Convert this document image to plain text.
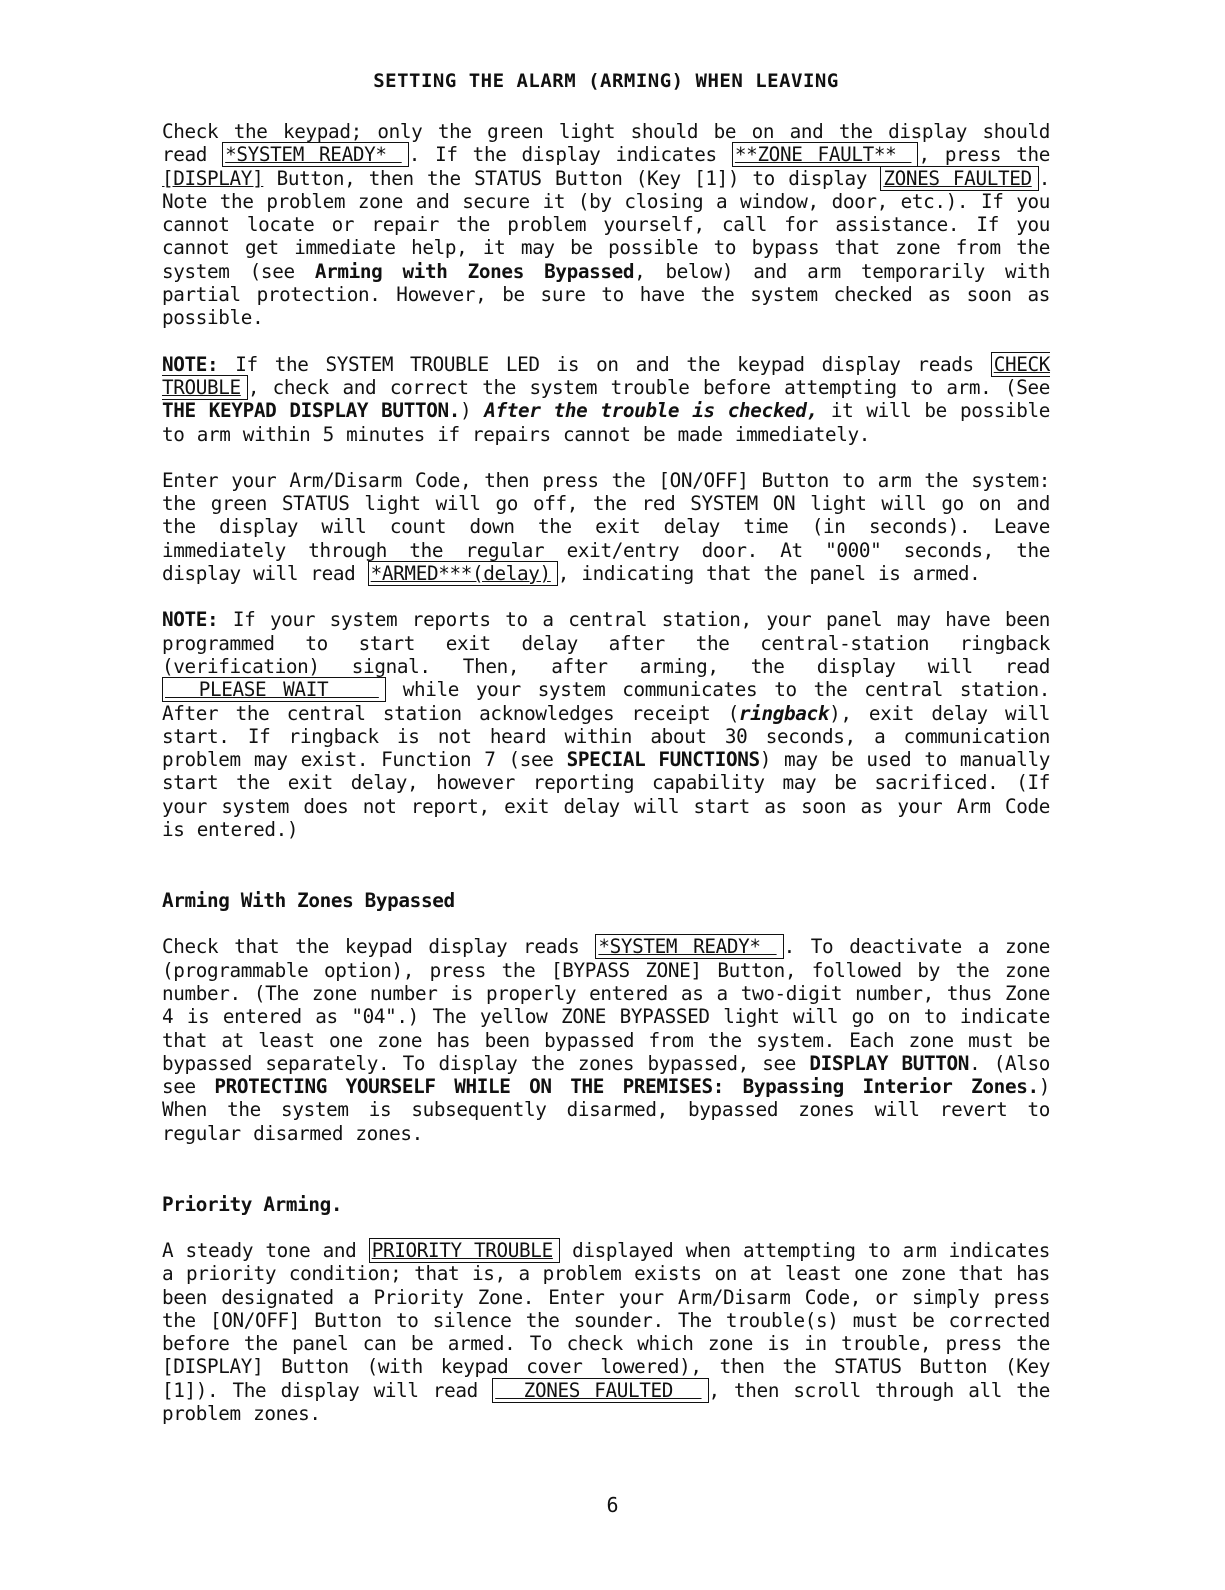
SETTING THE ALARM (ARMING) WHEN LEAVING

Check the keypad; only the green light should be on and the display should read *SYSTEM READY* . If the display indicates **ZONE FAULT** , press the [DISPLAY] Button, then the STATUS Button (Key [1]) to display ZONES FAULTED . Note the problem zone and secure it (by closing a window, door, etc.). If you cannot locate or repair the problem yourself, call for assistance. If you cannot get immediate help, it may be possible to bypass that zone from the system (see Arming with Zones Bypassed, below) and arm temporarily with partial protection. However, be sure to have the system checked as soon as possible.

NOTE: If the SYSTEM TROUBLE LED is on and the keypad display reads CHECK TROUBLE , check and correct the system trouble before attempting to arm. (See THE KEYPAD DISPLAY BUTTON.) After the trouble is checked, it will be possible to arm within 5 minutes if repairs cannot be made immediately.

Enter your Arm/Disarm Code, then press the [ON/OFF] Button to arm the system: the green STATUS light will go off, the red SYSTEM ON light will go on and the display will count down the exit delay time (in seconds). Leave immediately through the regular exit/entry door. At "000" seconds, the display will read *ARMED***(delay) , indicating that the panel is armed.

NOTE: If your system reports to a central station, your panel may have been programmed to start exit delay after the central-station ringback (verification) signal. Then, after arming, the display will read   PLEASE WAIT    while your system communicates to the central station. After the central station acknowledges receipt (ringback), exit delay will start. If ringback is not heard within about 30 seconds, a communication problem may exist. Function 7 (see SPECIAL FUNCTIONS) may be used to manually start the exit delay, however reporting capability may be sacrificed. (If your system does not report, exit delay will start as soon as your Arm Code is entered.)

Arming With Zones Bypassed

Check that the keypad display reads *SYSTEM READY* . To deactivate a zone (programmable option), press the [BYPASS ZONE] Button, followed by the zone number. (The zone number is properly entered as a two-digit number, thus Zone 4 is entered as "04".) The yellow ZONE BYPASSED light will go on to indicate that at least one zone has been bypassed from the system. Each zone must be bypassed separately. To display the zones bypassed, see DISPLAY BUTTON. (Also see PROTECTING YOURSELF WHILE ON THE PREMISES: Bypassing Interior Zones.) When the system is subsequently disarmed, bypassed zones will revert to regular disarmed zones.

Priority Arming.

A steady tone and PRIORITY TROUBLE displayed when attempting to arm indicates a priority condition; that is, a problem exists on at least one zone that has been designated a Priority Zone. Enter your Arm/Disarm Code, or simply press the [ON/OFF] Button to silence the sounder. The trouble(s) must be corrected before the panel can be armed. To check which zone is in trouble, press the [DISPLAY] Button (with keypad cover lowered), then the STATUS Button (Key [1]). The display will read   ZONES FAULTED  , then scroll through all the problem zones.

6
